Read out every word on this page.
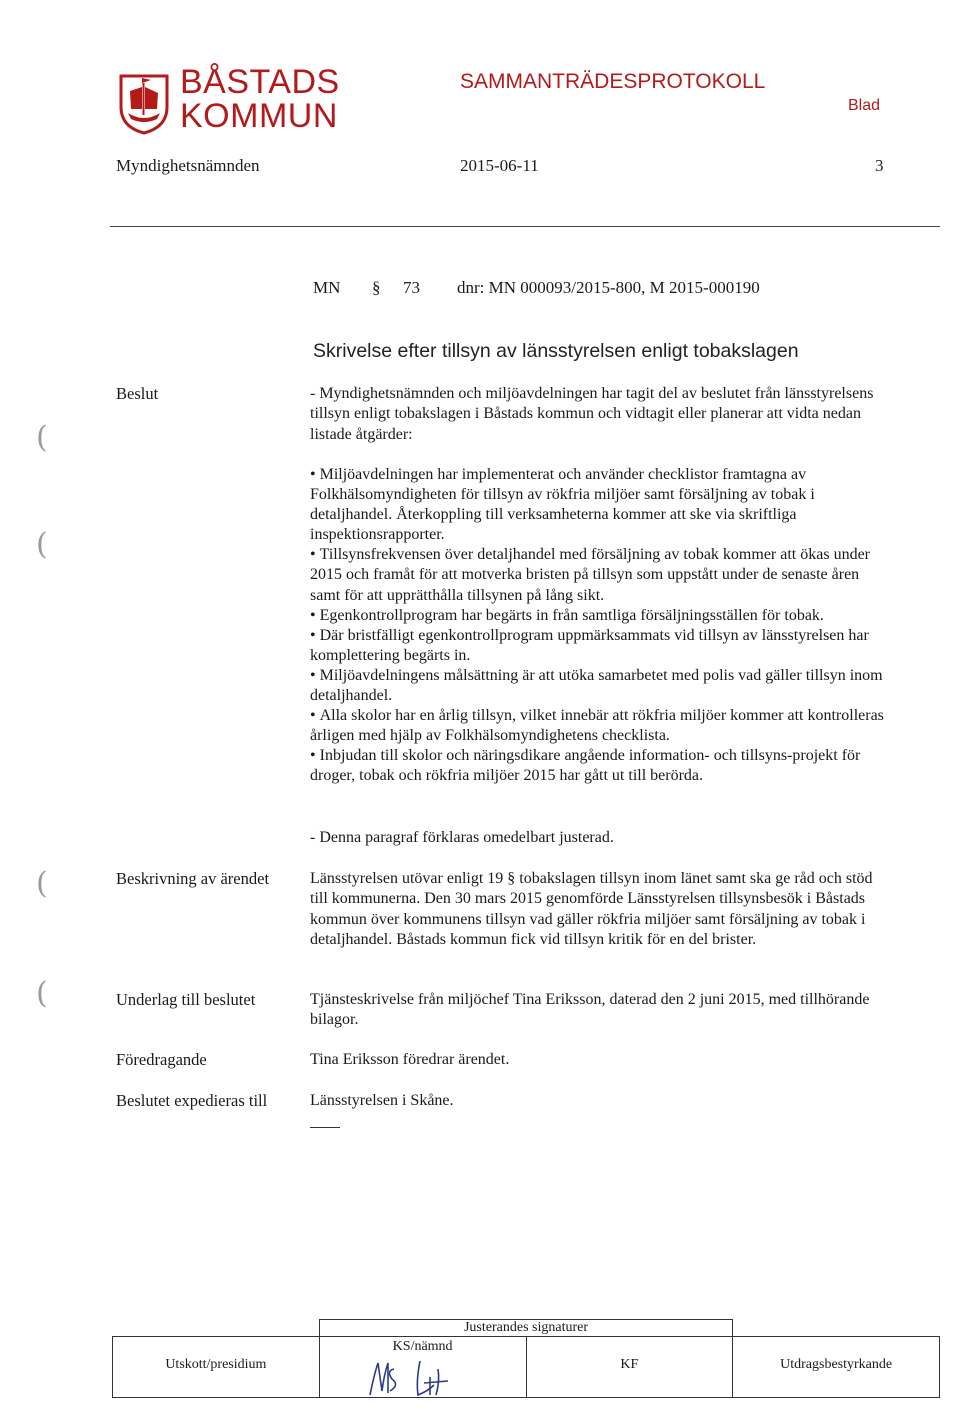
BÅSTADS
KOMMUN
SAMMANTRÄDESPROTOKOLL
Blad
Myndighetsnämnden	2015-06-11	3
MN § 73 dnr: MN 000093/2015-800, M 2015-000190
Skrivelse efter tillsyn av länsstyrelsen enligt tobakslagen
Beslut	- Myndighetsnämnden och miljöavdelningen har tagit del av beslutet från länsstyrelsens tillsyn enligt tobakslagen i Båstads kommun och vidtagit eller planerar att vidta nedan listade åtgärder:

• Miljöavdelningen har implementerat och använder checklistor framtagna av Folkhälsomyndigheten för tillsyn av rökfria miljöer samt försäljning av tobak i detaljhandel. Återkoppling till verksamheterna kommer att ske via skriftliga inspektionsrapporter.

• Tillsynsfrekvensen över detaljhandel med försäljning av tobak kommer att ökas under 2015 och framåt för att motverka bristen på tillsyn som uppstått under de senaste åren samt för att upprätthålla tillsynen på lång sikt.

• Egenkontrollprogram har begärts in från samtliga försäljningsställen för tobak.

• Där bristfälligt egenkontrollprogram uppmärksammats vid tillsyn av länsstyrelsen har komplettering begärts in.

• Miljöavdelningens målsättning är att utöka samarbetet med polis vad gäller tillsyn inom detaljhandel.

• Alla skolor har en årlig tillsyn, vilket innebär att rökfria miljöer kommer att kontrolleras årligen med hjälp av Folkhälsomyndighetens checklista.

• Inbjudan till skolor och näringsdikare angående information- och tillsyns-projekt för droger, tobak och rökfria miljöer 2015 har gått ut till berörda.

- Denna paragraf förklaras omedelbart justerad.
Beskrivning av ärendet	Länsstyrelsen utövar enligt 19 § tobakslagen tillsyn inom länet samt ska ge råd och stöd till kommunerna. Den 30 mars 2015 genomförde Länsstyrelsen tillsynsbesök i Båstads kommun över kommunens tillsyn vad gäller rökfria miljöer samt försäljning av tobak i detaljhandel. Båstads kommun fick vid tillsyn kritik för en del brister.
Underlag till beslutet	Tjänsteskrivelse från miljöchef Tina Eriksson, daterad den 2 juni 2015, med tillhörande bilagor.
Föredragande	Tina Eriksson föredrar ärendet.
Beslutet expedieras till	Länsstyrelsen i Skåne.
(
(
(
(
	Justerandes signaturer		

Utskott/presidium	KS/nämnd	KF	Utdragsbestyrkande
